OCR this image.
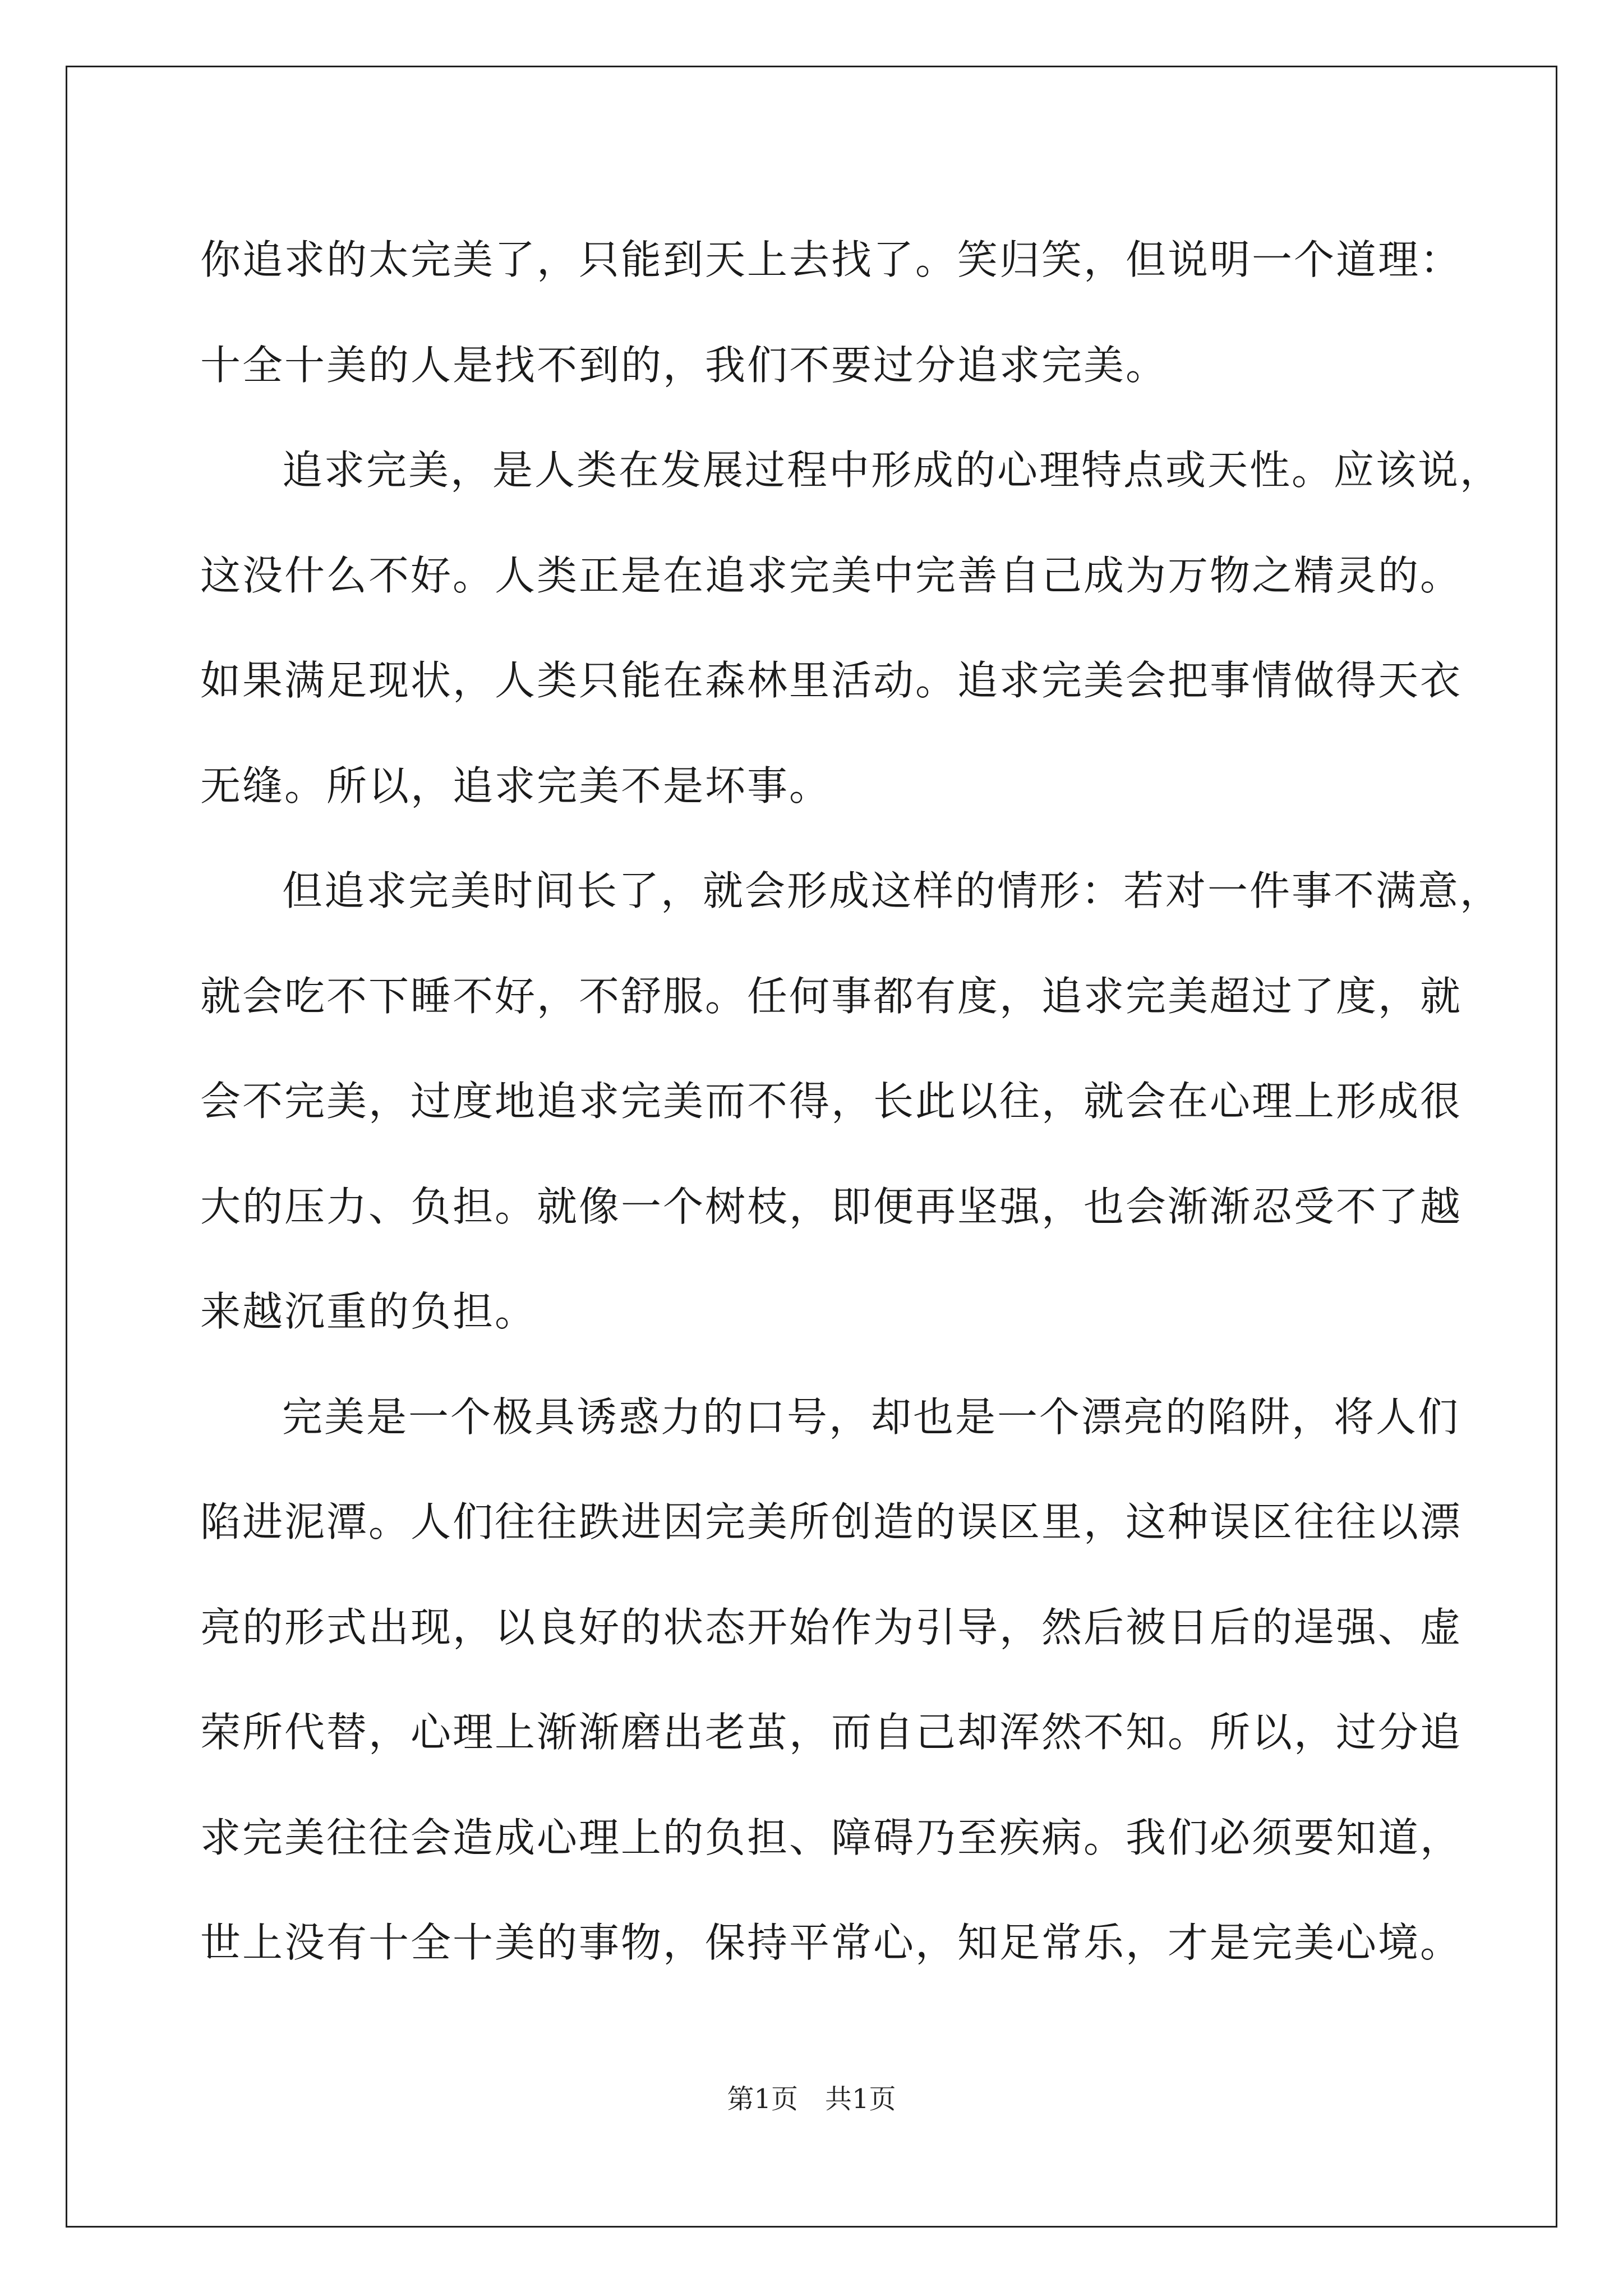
你追求的太完美了，只能到天上去找了。笑归笑，但说明一个道理：
十全十美的人是找不到的，我们不要过分追求完美。
追求完美，是人类在发展过程中形成的心理特点或天性。应该说，
这没什么不好。人类正是在追求完美中完善自己成为万物之精灵的。
如果满足现状，人类只能在森林里活动。追求完美会把事情做得天衣
无缝。所以，追求完美不是坏事。
但追求完美时间长了，就会形成这样的情形：若对一件事不满意，
就会吃不下睡不好，不舒服。任何事都有度，追求完美超过了度，就
会不完美，过度地追求完美而不得，长此以往，就会在心理上形成很
大的压力、负担。就像一个树枝，即便再坚强，也会渐渐忍受不了越
来越沉重的负担。
完美是一个极具诱惑力的口号，却也是一个漂亮的陷阱，将人们
陷进泥潭。人们往往跌进因完美所创造的误区里，这种误区往往以漂
亮的形式出现，以良好的状态开始作为引导，然后被日后的逞强、虚
荣所代替，心理上渐渐磨出老茧，而自己却浑然不知。所以，过分追
求完美往往会造成心理上的负担、障碍乃至疾病。我们必须要知道，
世上没有十全十美的事物，保持平常心，知足常乐，才是完美心境。
第1页　共1页
